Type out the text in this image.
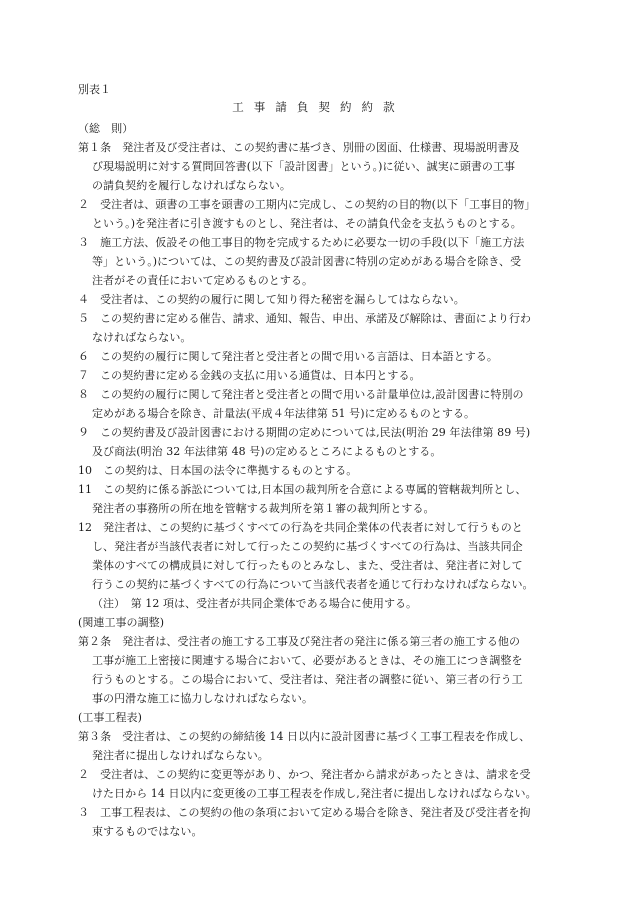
別表１
工 事 請 負 契 約 約 款
（総　則）
第１条　発注者及び受注者は、この契約書に基づき、別冊の図面、仕様書、現場説明書及
び現場説明に対する質問回答書(以下「設計図書」という。)に従い、誠実に頭書の工事
の請負契約を履行しなければならない。
２　受注者は、頭書の工事を頭書の工期内に完成し、この契約の目的物(以下「工事目的物」
という。)を発注者に引き渡すものとし、発注者は、その請負代金を支払うものとする。
３　施工方法、仮設その他工事目的物を完成するために必要な一切の手段(以下「施工方法
等」という。)については、この契約書及び設計図書に特別の定めがある場合を除き、受
注者がその責任において定めるものとする。
４　受注者は、この契約の履行に関して知り得た秘密を漏らしてはならない。
５　この契約書に定める催告、請求、通知、報告、申出、承諾及び解除は、書面により行わ
なければならない。
６　この契約の履行に関して発注者と受注者との間で用いる言語は、日本語とする。
７　この契約書に定める金銭の支払に用いる通貨は、日本円とする。
８　この契約の履行に関して発注者と受注者との間で用いる計量単位は,設計図書に特別の
定めがある場合を除き、計量法(平成４年法律第 51 号)に定めるものとする。
９　この契約書及び設計図書における期間の定めについては,民法(明治 29 年法律第 89 号)
及び商法(明治 32 年法律第 48 号)の定めるところによるものとする。
10　この契約は、日本国の法令に準拠するものとする。
11　この契約に係る訴訟については,日本国の裁判所を合意による専属的管轄裁判所とし、
発注者の事務所の所在地を管轄する裁判所を第１審の裁判所とする。
12　発注者は、この契約に基づくすべての行為を共同企業体の代表者に対して行うものと
し、発注者が当該代表者に対して行ったこの契約に基づくすべての行為は、当該共同企
業体のすべての構成員に対して行ったものとみなし、また、受注者は、発注者に対して
行うこの契約に基づくすべての行為について当該代表者を通じて行わなければならない。
（注）　第 12 項は、受注者が共同企業体である場合に使用する。
(関連工事の調整)
第２条　発注者は、受注者の施工する工事及び発注者の発注に係る第三者の施工する他の
工事が施工上密接に関連する場合において、必要があるときは、その施工につき調整を
行うものとする。この場合において、受注者は、発注者の調整に従い、第三者の行う工
事の円滑な施工に協力しなければならない。
(工事工程表)
第３条　受注者は、この契約の締結後 14 日以内に設計図書に基づく工事工程表を作成し、
発注者に提出しなければならない。
２　受注者は、この契約に変更等があり、かつ、発注者から請求があったときは、請求を受
けた日から 14 日以内に変更後の工事工程表を作成し,発注者に提出しなければならない。
３　工事工程表は、この契約の他の条項において定める場合を除き、発注者及び受注者を拘
束するものではない。
